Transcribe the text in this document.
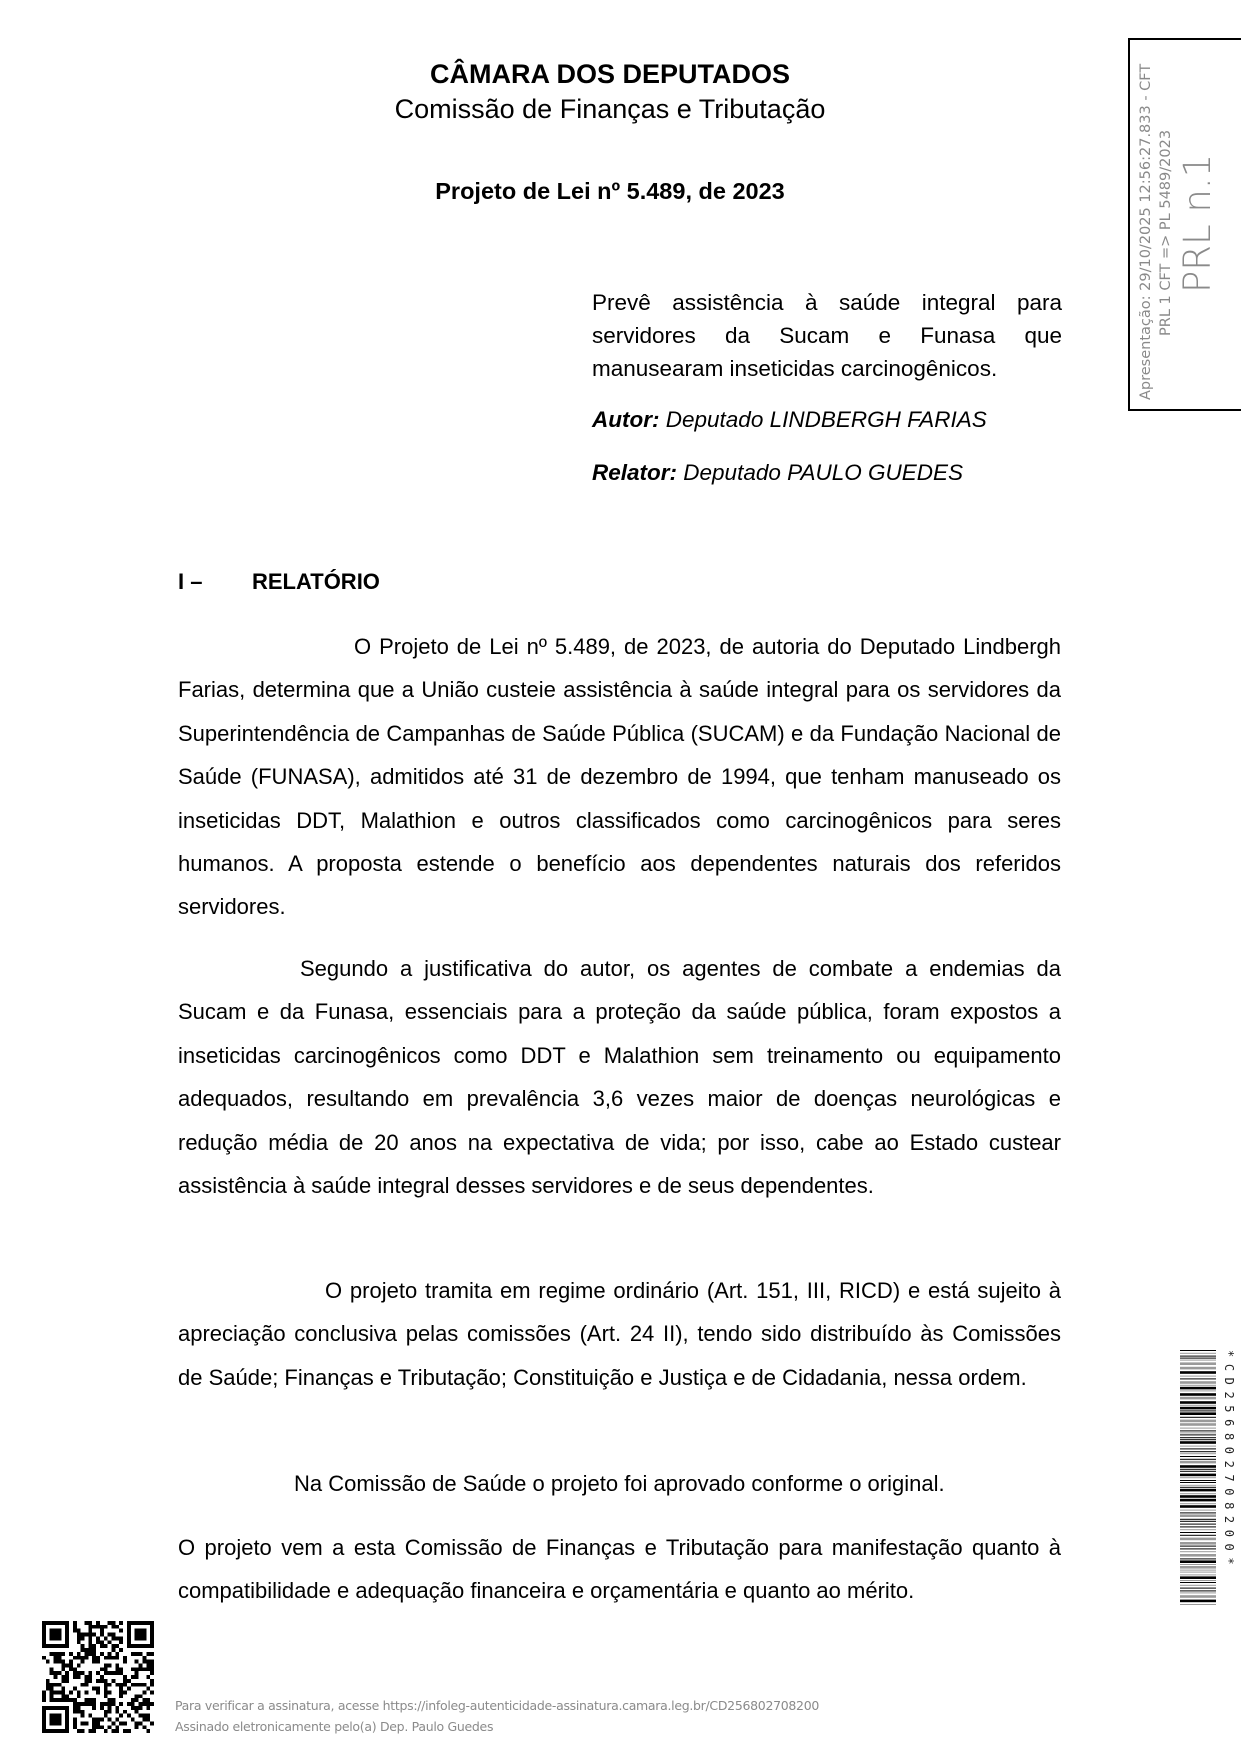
CÂMARA DOS DEPUTADOS
Comissão de Finanças e Tributação
Projeto de Lei nº 5.489, de 2023
Prevê assistência à saúde integral para servidores da Sucam e Funasa que manusearam inseticidas carcinogênicos.
Autor: Deputado LINDBERGH FARIAS
Relator: Deputado PAULO GUEDES
I – RELATÓRIO

O Projeto de Lei nº 5.489, de 2023, de autoria do Deputado Lindbergh Farias, determina que a União custeie assistência à saúde integral para os servidores da Superintendência de Campanhas de Saúde Pública (SUCAM) e da Fundação Nacional de Saúde (FUNASA), admitidos até 31 de dezembro de 1994, que tenham manuseado os inseticidas DDT, Malathion e outros classificados como carcinogênicos para seres humanos. A proposta estende o benefício aos dependentes naturais dos referidos servidores.

Segundo a justificativa do autor, os agentes de combate a endemias da Sucam e da Funasa, essenciais para a proteção da saúde pública, foram expostos a inseticidas carcinogênicos como DDT e Malathion sem treinamento ou equipamento adequados, resultando em prevalência 3,6 vezes maior de doenças neurológicas e redução média de 20 anos na expectativa de vida; por isso, cabe ao Estado custear assistência à saúde integral desses servidores e de seus dependentes.

O projeto tramita em regime ordinário (Art. 151, III, RICD) e está sujeito à apreciação conclusiva pelas comissões (Art. 24 II), tendo sido distribuído às Comissões de Saúde; Finanças e Tributação; Constituição e Justiça e de Cidadania, nessa ordem.

Na Comissão de Saúde o projeto foi aprovado conforme o original.

O projeto vem a esta Comissão de Finanças e Tributação para manifestação quanto à compatibilidade e adequação financeira e orçamentária e quanto ao mérito.

Apresentação: 29/10/2025 12:56:27.833 - CFT PRL 1 CFT => PL 5489/2023 PRL n.1
*CD256802708200*
Para verificar a assinatura, acesse https://infoleg-autenticidade-assinatura.camara.leg.br/CD256802708200
Assinado eletronicamente pelo(a) Dep. Paulo Guedes
